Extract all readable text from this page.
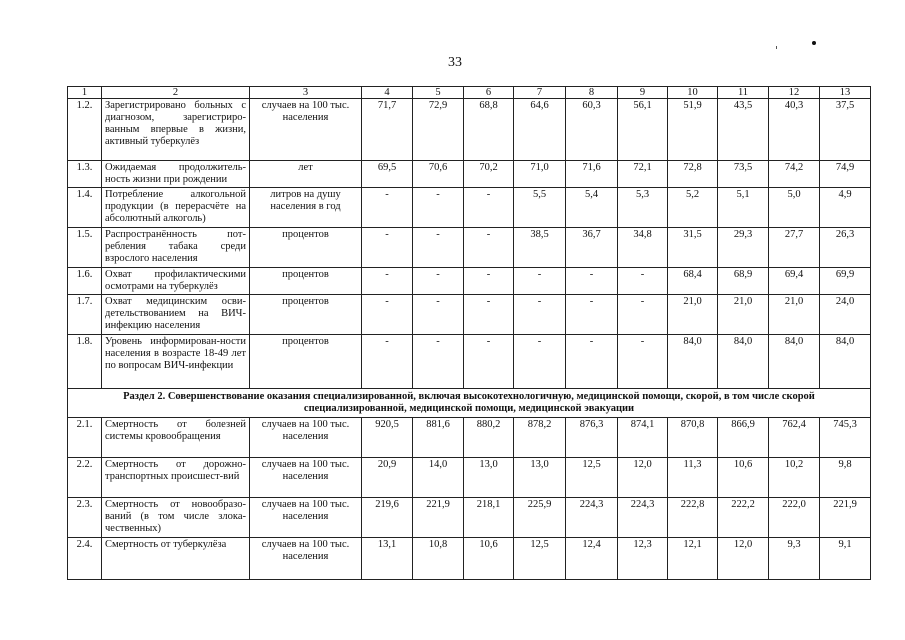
33
1	2	3	4	5	6	7	8	9	10	11	12	13
1.2.	Зарегистрировано больных с диагнозом, зарегистриро-ванным впервые в жизни, активный туберкулёз	случаев на 100 тыс. населения	71,7	72,9	68,8	64,6	60,3	56,1	51,9	43,5	40,3	37,5
1.3.	Ожидаемая продолжитель-ность жизни при рождении	лет	69,5	70,6	70,2	71,0	71,6	72,1	72,8	73,5	74,2	74,9
1.4.	Потребление алкогольной продукции (в перерасчёте на абсолютный алкоголь)	литров на душу населения в год	-	-	-	5,5	5,4	5,3	5,2	5,1	5,0	4,9
1.5.	Распространённость пот-ребления табака среди взрослого населения	процентов	-	-	-	38,5	36,7	34,8	31,5	29,3	27,7	26,3
1.6.	Охват профилактическими осмотрами на туберкулёз	процентов	-	-	-	-	-	-	68,4	68,9	69,4	69,9
1.7.	Охват медицинским осви-детельствованием на ВИЧ-инфекцию населения	процентов	-	-	-	-	-	-	21,0	21,0	21,0	24,0
1.8.	Уровень информирован-ности населения в возрасте 18-49 лет по вопросам ВИЧ-инфекции	процентов	-	-	-	-	-	-	84,0	84,0	84,0	84,0
Раздел 2. Совершенствование оказания специализированной, включая высокотехнологичную, медицинской помощи, скорой, в том числе скорой специализированной, медицинской помощи, медицинской эвакуации												
2.1.	Смертность от болезней системы кровообращения	случаев на 100 тыс. населения	920,5	881,6	880,2	878,2	876,3	874,1	870,8	866,9	762,4	745,3
2.2.	Смертность от дорожно-транспортных происшест-вий	случаев на 100 тыс. населения	20,9	14,0	13,0	13,0	12,5	12,0	11,3	10,6	10,2	9,8
2.3.	Смертность от новообразо-ваний (в том числе злока-чественных)	случаев на 100 тыс. населения	219,6	221,9	218,1	225,9	224,3	224,3	222,8	222,2	222,0	221,9
2.4.	Смертность от туберкулёза	случаев на 100 тыс. населения	13,1	10,8	10,6	12,5	12,4	12,3	12,1	12,0	9,3	9,1
